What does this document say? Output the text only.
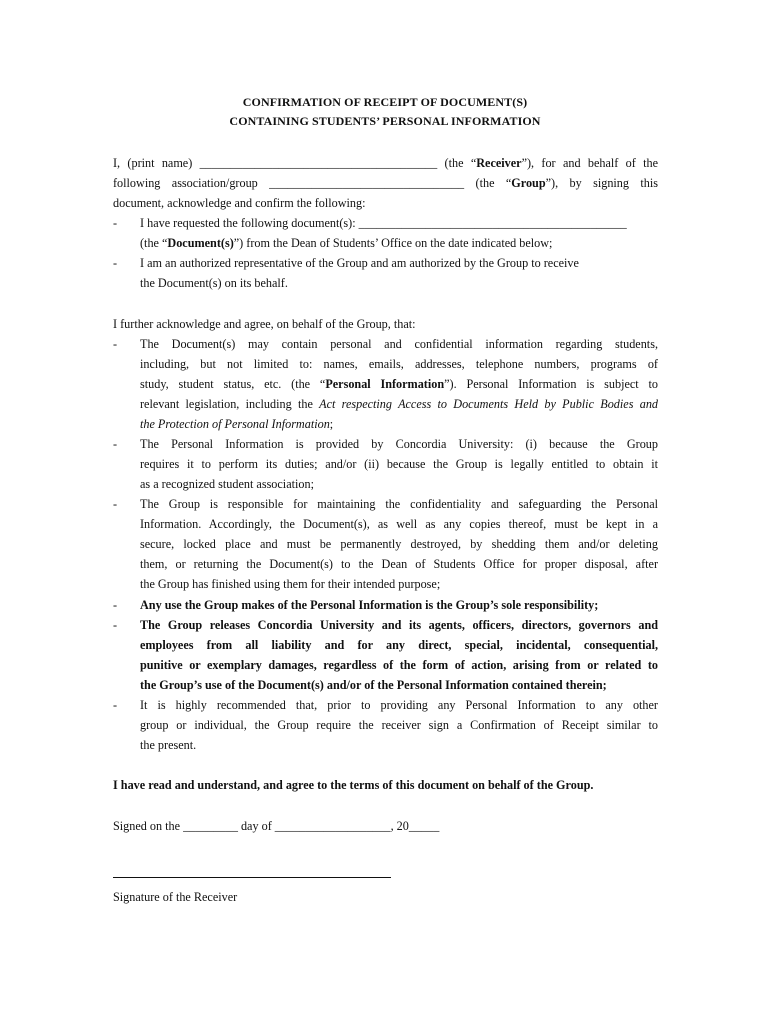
CONFIRMATION OF RECEIPT OF DOCUMENT(S)
CONTAINING STUDENTS’ PERSONAL INFORMATION
I, (print name) _______________________________________ (the “Receiver”), for and behalf of the
following association/group ________________________________ (the “Group”), by signing this
document, acknowledge and confirm the following:
- I have requested the following document(s): ____________________________________________
(the “Document(s)”) from the Dean of Students’ Office on the date indicated below;
- I am an authorized representative of the Group and am authorized by the Group to receive
the Document(s) on its behalf.
I further acknowledge and agree, on behalf of the Group, that:
- The Document(s) may contain personal and confidential information regarding students,
including, but not limited to: names, emails, addresses, telephone numbers, programs of
study, student status, etc. (the “Personal Information”). Personal Information is subject to
relevant legislation, including the Act respecting Access to Documents Held by Public Bodies and
the Protection of Personal Information;
- The Personal Information is provided by Concordia University: (i) because the Group
requires it to perform its duties; and/or (ii) because the Group is legally entitled to obtain it
as a recognized student association;
- The Group is responsible for maintaining the confidentiality and safeguarding the Personal
Information. Accordingly, the Document(s), as well as any copies thereof, must be kept in a
secure, locked place and must be permanently destroyed, by shedding them and/or deleting
them, or returning the Document(s) to the Dean of Students Office for proper disposal, after
the Group has finished using them for their intended purpose;
- Any use the Group makes of the Personal Information is the Group’s sole responsibility;
- The Group releases Concordia University and its agents, officers, directors, governors and
employees from all liability and for any direct, special, incidental, consequential,
punitive or exemplary damages, regardless of the form of action, arising from or related to
the Group’s use of the Document(s) and/or of the Personal Information contained therein;
- It is highly recommended that, prior to providing any Personal Information to any other
group or individual, the Group require the receiver sign a Confirmation of Receipt similar to
the present.
I have read and understand, and agree to the terms of this document on behalf of the Group.
Signed on the _________ day of ___________________, 20_____
Signature of the Receiver
